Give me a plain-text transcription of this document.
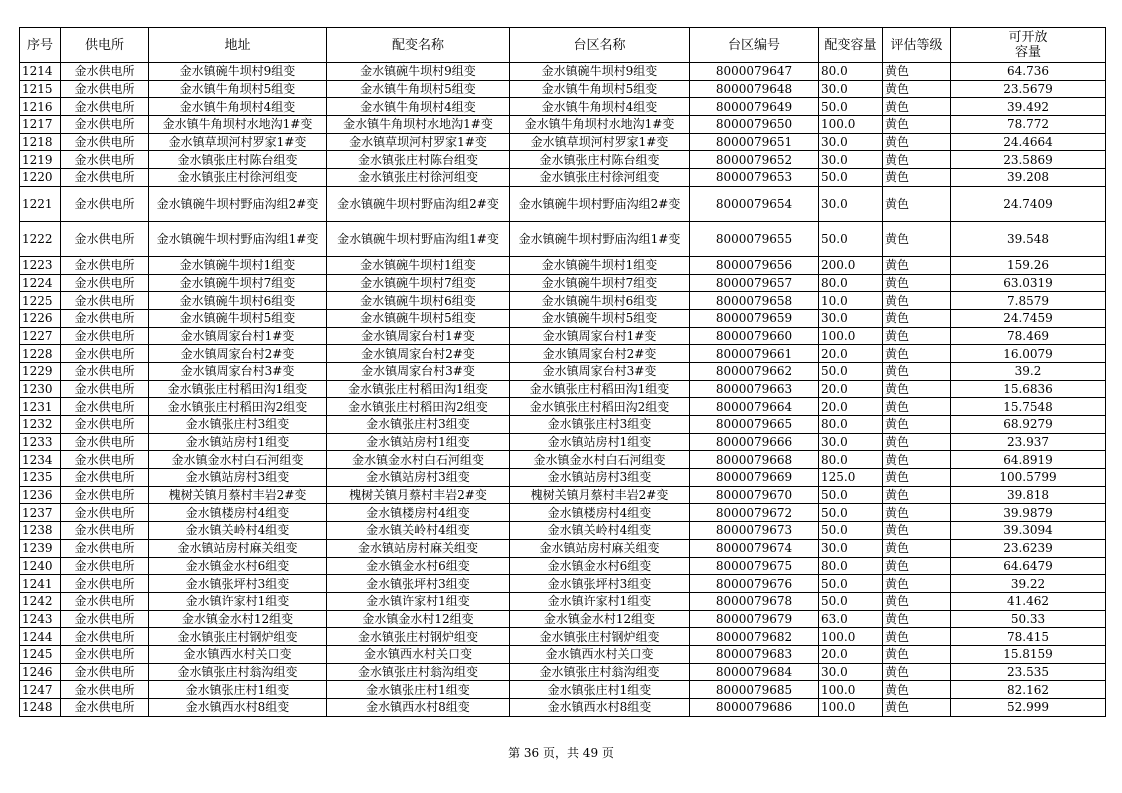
序号	供电所	地址	配变名称	台区名称	台区编号	配变容量	评估等级	可开放
容量
1214	金水供电所	金水镇碗牛坝村9组变	金水镇碗牛坝村9组变	金水镇碗牛坝村9组变	8000079647	80.0	黄色	64.736
1215	金水供电所	金水镇牛角坝村5组变	金水镇牛角坝村5组变	金水镇牛角坝村5组变	8000079648	30.0	黄色	23.5679
1216	金水供电所	金水镇牛角坝村4组变	金水镇牛角坝村4组变	金水镇牛角坝村4组变	8000079649	50.0	黄色	39.492
1217	金水供电所	金水镇牛角坝村水地沟1#变	金水镇牛角坝村水地沟1#变	金水镇牛角坝村水地沟1#变	8000079650	100.0	黄色	78.772
1218	金水供电所	金水镇草坝河村罗家1#变	金水镇草坝河村罗家1#变	金水镇草坝河村罗家1#变	8000079651	30.0	黄色	24.4664
1219	金水供电所	金水镇张庄村陈台组变	金水镇张庄村陈台组变	金水镇张庄村陈台组变	8000079652	30.0	黄色	23.5869
1220	金水供电所	金水镇张庄村徐河组变	金水镇张庄村徐河组变	金水镇张庄村徐河组变	8000079653	50.0	黄色	39.208
1221	金水供电所	金水镇碗牛坝村野庙沟组2#变	金水镇碗牛坝村野庙沟组2#变	金水镇碗牛坝村野庙沟组2#变	8000079654	30.0	黄色	24.7409
1222	金水供电所	金水镇碗牛坝村野庙沟组1#变	金水镇碗牛坝村野庙沟组1#变	金水镇碗牛坝村野庙沟组1#变	8000079655	50.0	黄色	39.548
1223	金水供电所	金水镇碗牛坝村1组变	金水镇碗牛坝村1组变	金水镇碗牛坝村1组变	8000079656	200.0	黄色	159.26
1224	金水供电所	金水镇碗牛坝村7组变	金水镇碗牛坝村7组变	金水镇碗牛坝村7组变	8000079657	80.0	黄色	63.0319
1225	金水供电所	金水镇碗牛坝村6组变	金水镇碗牛坝村6组变	金水镇碗牛坝村6组变	8000079658	10.0	黄色	7.8579
1226	金水供电所	金水镇碗牛坝村5组变	金水镇碗牛坝村5组变	金水镇碗牛坝村5组变	8000079659	30.0	黄色	24.7459
1227	金水供电所	金水镇周家台村1#变	金水镇周家台村1#变	金水镇周家台村1#变	8000079660	100.0	黄色	78.469
1228	金水供电所	金水镇周家台村2#变	金水镇周家台村2#变	金水镇周家台村2#变	8000079661	20.0	黄色	16.0079
1229	金水供电所	金水镇周家台村3#变	金水镇周家台村3#变	金水镇周家台村3#变	8000079662	50.0	黄色	39.2
1230	金水供电所	金水镇张庄村稻田沟1组变	金水镇张庄村稻田沟1组变	金水镇张庄村稻田沟1组变	8000079663	20.0	黄色	15.6836
1231	金水供电所	金水镇张庄村稻田沟2组变	金水镇张庄村稻田沟2组变	金水镇张庄村稻田沟2组变	8000079664	20.0	黄色	15.7548
1232	金水供电所	金水镇张庄村3组变	金水镇张庄村3组变	金水镇张庄村3组变	8000079665	80.0	黄色	68.9279
1233	金水供电所	金水镇站房村1组变	金水镇站房村1组变	金水镇站房村1组变	8000079666	30.0	黄色	23.937
1234	金水供电所	金水镇金水村白石河组变	金水镇金水村白石河组变	金水镇金水村白石河组变	8000079668	80.0	黄色	64.8919
1235	金水供电所	金水镇站房村3组变	金水镇站房村3组变	金水镇站房村3组变	8000079669	125.0	黄色	100.5799
1236	金水供电所	槐树关镇月蔡村丰岩2#变	槐树关镇月蔡村丰岩2#变	槐树关镇月蔡村丰岩2#变	8000079670	50.0	黄色	39.818
1237	金水供电所	金水镇楼房村4组变	金水镇楼房村4组变	金水镇楼房村4组变	8000079672	50.0	黄色	39.9879
1238	金水供电所	金水镇关岭村4组变	金水镇关岭村4组变	金水镇关岭村4组变	8000079673	50.0	黄色	39.3094
1239	金水供电所	金水镇站房村麻关组变	金水镇站房村麻关组变	金水镇站房村麻关组变	8000079674	30.0	黄色	23.6239
1240	金水供电所	金水镇金水村6组变	金水镇金水村6组变	金水镇金水村6组变	8000079675	80.0	黄色	64.6479
1241	金水供电所	金水镇张坪村3组变	金水镇张坪村3组变	金水镇张坪村3组变	8000079676	50.0	黄色	39.22
1242	金水供电所	金水镇许家村1组变	金水镇许家村1组变	金水镇许家村1组变	8000079678	50.0	黄色	41.462
1243	金水供电所	金水镇金水村12组变	金水镇金水村12组变	金水镇金水村12组变	8000079679	63.0	黄色	50.33
1244	金水供电所	金水镇张庄村钢炉组变	金水镇张庄村钢炉组变	金水镇张庄村钢炉组变	8000079682	100.0	黄色	78.415
1245	金水供电所	金水镇西水村关口变	金水镇西水村关口变	金水镇西水村关口变	8000079683	20.0	黄色	15.8159
1246	金水供电所	金水镇张庄村翁沟组变	金水镇张庄村翁沟组变	金水镇张庄村翁沟组变	8000079684	30.0	黄色	23.535
1247	金水供电所	金水镇张庄村1组变	金水镇张庄村1组变	金水镇张庄村1组变	8000079685	100.0	黄色	82.162
1248	金水供电所	金水镇西水村8组变	金水镇西水村8组变	金水镇西水村8组变	8000079686	100.0	黄色	52.999
第 36 页，共 49 页
